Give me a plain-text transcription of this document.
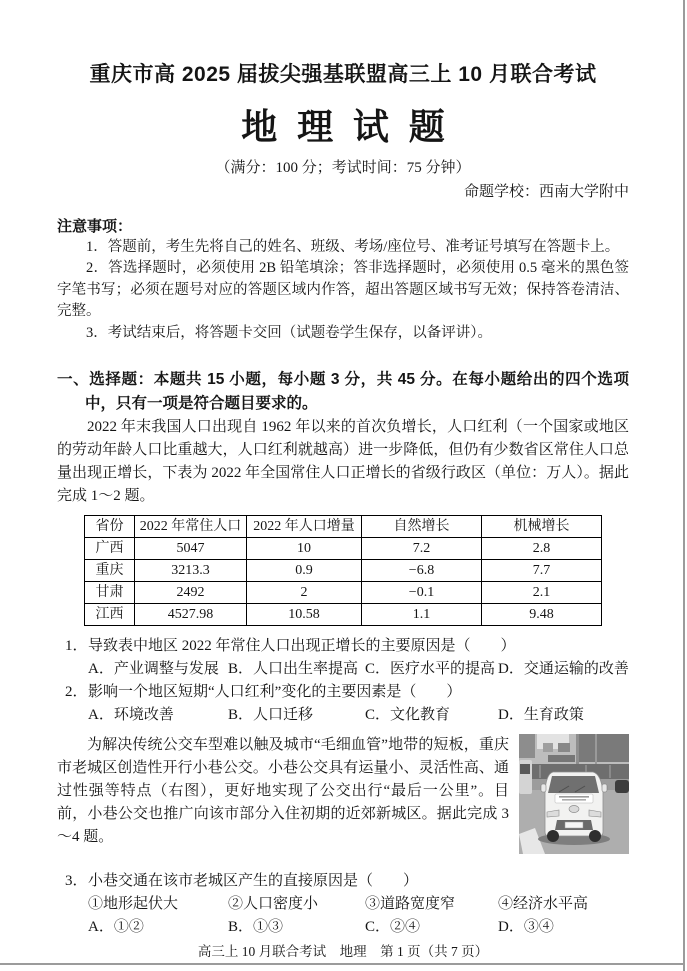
重庆市高 2025 届拔尖强基联盟高三上 10 月联合考试
地理试题
（满分：100 分；考试时间：75 分钟）
命题学校：西南大学附中
注意事项：

1．答题前，考生先将自己的姓名、班级、考场/座位号、准考证号填写在答题卡上。

2．答选择题时，必须使用 2B 铅笔填涂；答非选择题时，必须使用 0.5 毫米的黑色签字笔书写；必须在题号对应的答题区域内作答，超出答题区域书写无效；保持答卷清洁、完整。

3．考试结束后，将答题卡交回（试题卷学生保存，以备评讲）。

一、选择题：本题共 15 小题，每小题 3 分，共 45 分。在每小题给出的四个选项中，只有一项是符合题目要求的。

2022 年末我国人口出现自 1962 年以来的首次负增长，人口红利（一个国家或地区的劳动年龄人口比重越大，人口红利就越高）进一步降低，但仍有少数省区常住人口总量出现正增长，下表为 2022 年全国常住人口正增长的省级行政区（单位：万人）。据此完成 1～2 题。

省份	2022 年常住人口	2022 年人口增量	自然增长	机械增长
广西	5047	10	7.2	2.8
重庆	3213.3	0.9	−6.8	7.7
甘肃	2492	2	−0.1	2.1
江西	4527.98	10.58	1.1	9.48
1． 导致表中地区 2022 年常住人口出现正增长的主要原因是（　　）
A．产业调整与发展 B．人口出生率提高 C．医疗水平的提高 D．交通运输的改善
2． 影响一个地区短期“人口红利”变化的主要因素是（　　）
A．环境改善	B．人口迁移	C．文化教育	D．生育政策

为解决传统公交车型难以触及城市“毛细血管”地带的短板，重庆市老城区创造性开行小巷公交。小巷公交具有运量小、灵活性高、通过性强等特点（右图），更好地实现了公交出行“最后一公里”。目前，小巷公交也推广向该市部分入住初期的近郊新城区。据此完成 3～4 题。

3． 小巷交通在该市老城区产生的直接原因是（　　）
①地形起伏大	②人口密度小	③道路宽度窄	④经济水平高
A．①②	B．①③	C．②④	D．③④
高三上 10 月联合考试　地理　第 1 页（共 7 页）
